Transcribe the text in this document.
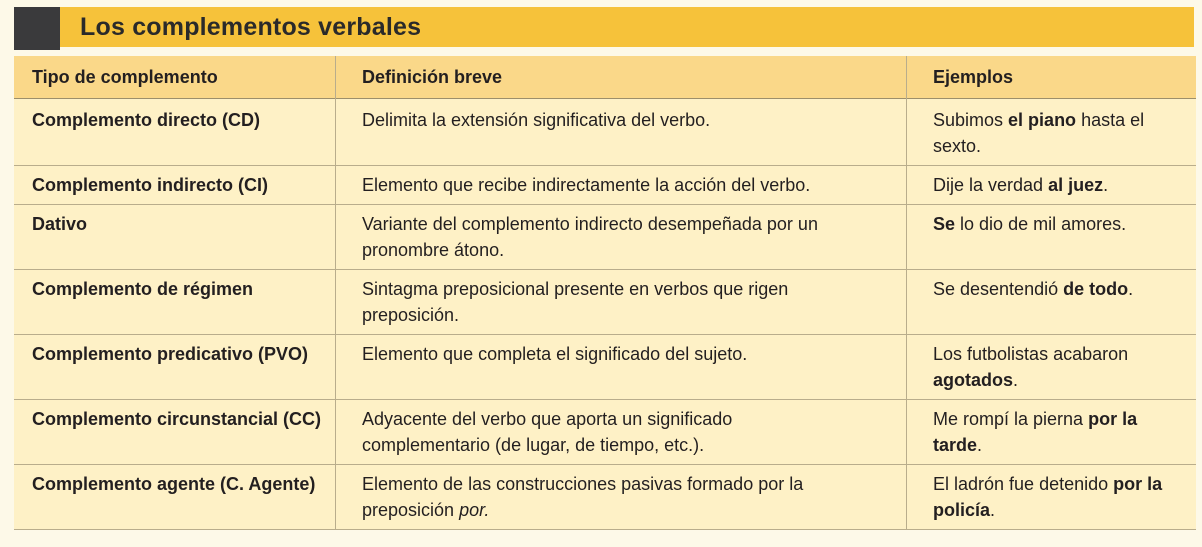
Los complementos verbales
Tipo de complemento	Definición breve	Ejemplos

Complemento directo (CD)	Delimita la extensión significativa del verbo.	Subimos el piano hasta el sexto.

Complemento indirecto (CI)	Elemento que recibe indirectamente la acción del verbo.	Dije la verdad al juez.

Dativo	Variante del complemento indirecto desempeñada por un pronombre átono.	Se lo dio de mil amores.

Complemento de régimen	Sintagma preposicional presente en verbos que rigen preposición.	Se desentendió de todo.

Complemento predicativo (PVO)	Elemento que completa el significado del sujeto.	Los futbolistas acabaron agotados.

Complemento circunstancial (CC)	Adyacente del verbo que aporta un significado complementario (de lugar, de tiempo, etc.).	Me rompí la pierna por la tarde.

Complemento agente (C. Agente)	Elemento de las construcciones pasivas formado por la preposición por.	El ladrón fue detenido por la policía.
